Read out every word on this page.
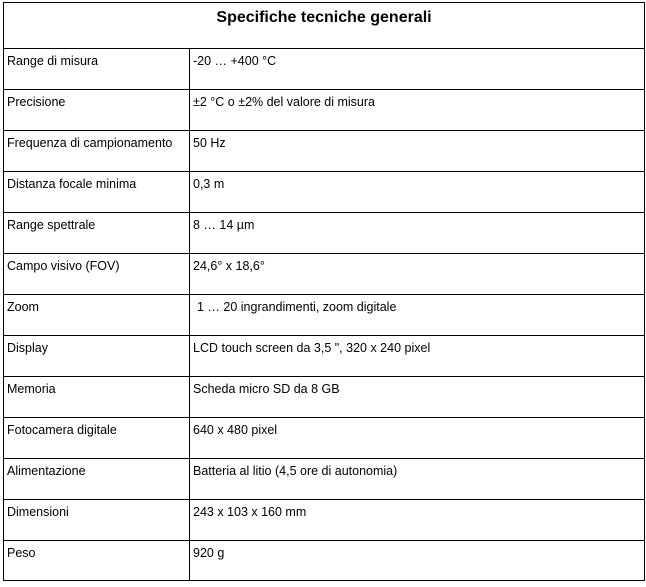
Specifiche tecniche generali	
Range di misura	-20 … +400 °C
Precisione	±2 °C o ±2% del valore di misura
Frequenza di campionamento	50 Hz
Distanza focale minima	0,3 m
Range spettrale	8 … 14 µm
Campo visivo (FOV)	24,6° x 18,6°
Zoom	1 … 20 ingrandimenti, zoom digitale
Display	LCD touch screen da 3,5 ", 320 x 240 pixel
Memoria	Scheda micro SD da 8 GB
Fotocamera digitale	640 x 480 pixel
Alimentazione	Batteria al litio (4,5 ore di autonomia)
Dimensioni	243 x 103 x 160 mm
Peso	920 g
